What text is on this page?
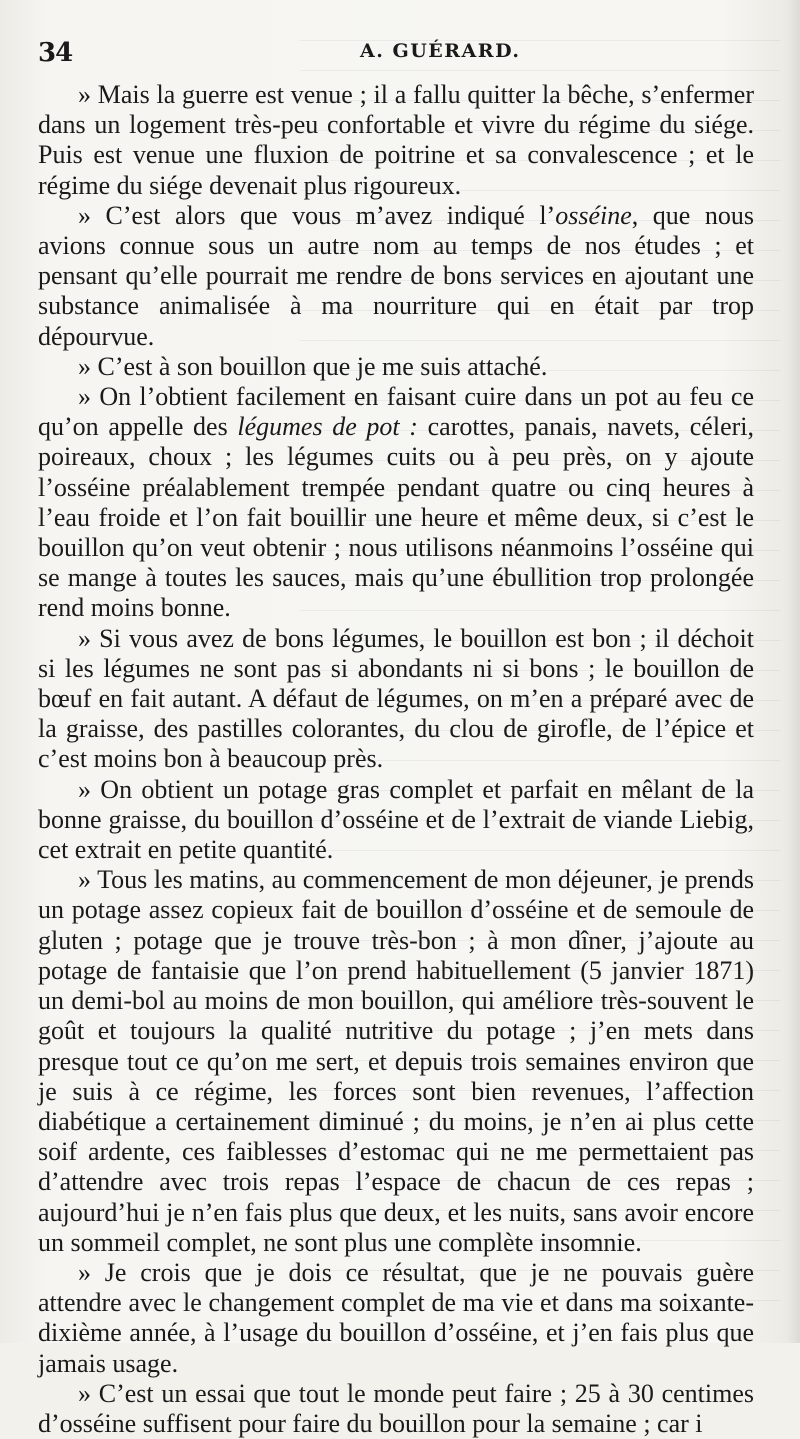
34	A. GUÉRARD.

» Mais la guerre est venue ; il a fallu quitter la bêche, s’enfermer dans un logement très-peu confortable et vivre du régime du siége. Puis est venue une fluxion de poitrine et sa convalescence ; et le régime du siége devenait plus rigoureux.

» C’est alors que vous m’avez indiqué l’osséine, que nous avions connue sous un autre nom au temps de nos études ; et pensant qu’elle pourrait me rendre de bons services en ajoutant une substance animalisée à ma nourriture qui en était par trop dépourvue.

» C’est à son bouillon que je me suis attaché.

» On l’obtient facilement en faisant cuire dans un pot au feu ce qu’on appelle des légumes de pot : carottes, panais, navets, céleri, poireaux, choux ; les légumes cuits ou à peu près, on y ajoute l’osséine préalablement trempée pendant quatre ou cinq heures à l’eau froide et l’on fait bouillir une heure et même deux, si c’est le bouillon qu’on veut obtenir ; nous utilisons néanmoins l’osséine qui se mange à toutes les sauces, mais qu’une ébullition trop prolongée rend moins bonne.

» Si vous avez de bons légumes, le bouillon est bon ; il déchoit si les légumes ne sont pas si abondants ni si bons ; le bouillon de bœuf en fait autant. A défaut de légumes, on m’en a préparé avec de la graisse, des pastilles colorantes, du clou de girofle, de l’épice et c’est moins bon à beaucoup près.

» On obtient un potage gras complet et parfait en mêlant de la bonne graisse, du bouillon d’osséine et de l’extrait de viande Liebig, cet extrait en petite quantité.

» Tous les matins, au commencement de mon déjeuner, je prends un potage assez copieux fait de bouillon d’osséine et de semoule de gluten ; potage que je trouve très-bon ; à mon dîner, j’ajoute au potage de fantaisie que l’on prend habituellement (5 janvier 1871) un demi-bol au moins de mon bouillon, qui améliore très-souvent le goût et toujours la qualité nutritive du potage ; j’en mets dans presque tout ce qu’on me sert, et depuis trois semaines environ que je suis à ce régime, les forces sont bien revenues, l’affection diabétique a certainement diminué ; du moins, je n’en ai plus cette soif ardente, ces faiblesses d’estomac qui ne me permettaient pas d’attendre avec trois repas l’espace de chacun de ces repas ; aujourd’hui je n’en fais plus que deux, et les nuits, sans avoir encore un sommeil complet, ne sont plus une complète insomnie.

» Je crois que je dois ce résultat, que je ne pouvais guère attendre avec le changement complet de ma vie et dans ma soixante-dixième année, à l’usage du bouillon d’osséine, et j’en fais plus que jamais usage.

» C’est un essai que tout le monde peut faire ; 25 à 30 centimes d’osséine suffisent pour faire du bouillon pour la semaine ; car i
